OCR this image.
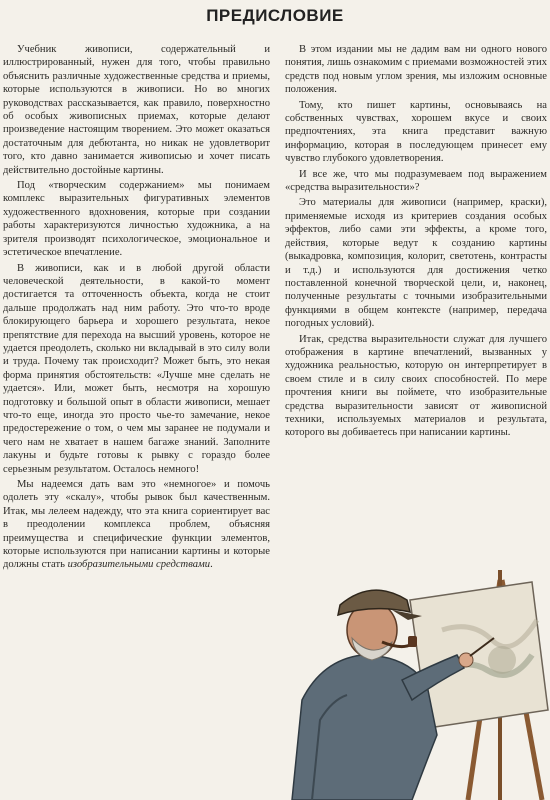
ПРЕДИСЛОВИЕ

Учебник живописи, содержательный и иллюстрированный, нужен для того, чтобы правильно объяснить различные художественные средства и приемы, которые используются в живописи. Но во многих руководствах рассказывается, как правило, поверхностно об особых живописных приемах, которые делают произведение настоящим творением. Это может оказаться достаточным для дебютанта, но никак не удовлетворит того, кто давно занимается живописью и хочет писать действительно достойные картины.

Под «творческим содержанием» мы понимаем комплекс выразительных фигуративных элементов художественного вдохновения, которые при создании работы характеризуются личностью художника, а на зрителя производят психологическое, эмоциональное и эстетическое впечатление.

В живописи, как и в любой другой области человеческой деятельности, в какой-то момент достигается та отточенность объекта, когда не стоит дальше продолжать над ним работу. Это что-то вроде блокирующего барьера и хорошего результата, некое препятствие для перехода на высший уровень, которое не удается преодолеть, сколько ни вкладывай в это силу воли и труда. Почему так происходит? Может быть, это некая форма принятия обстоятельств: «Лучше мне сделать не удается». Или, может быть, несмотря на хорошую подготовку и большой опыт в области живописи, мешает что-то еще, иногда это просто чье-то замечание, некое предостережение о том, о чем мы заранее не подумали и чего нам не хватает в нашем багаже знаний. Заполните лакуны и будьте готовы к рывку с гораздо более серьезным результатом. Осталось немного!

Мы надеемся дать вам это «немногое» и помочь одолеть эту «скалу», чтобы рывок был качественным. Итак, мы лелеем надежду, что эта книга сориентирует вас в преодолении комплекса проблем, объясняя преимущества и специфические функции элементов, которые используются при написании картины и которые должны стать изобразительными средствами.

В этом издании мы не дадим вам ни одного нового понятия, лишь ознакомим с приемами возможностей этих средств под новым углом зрения, мы изложим основные положения.

Тому, кто пишет картины, основываясь на собственных чувствах, хорошем вкусе и своих предпочтениях, эта книга представит важную информацию, которая в последующем принесет ему чувство глубокого удовлетворения.

И все же, что мы подразумеваем под выражением «средства выразительности»?

Это материалы для живописи (например, краски), применяемые исходя из критериев создания особых эффектов, либо сами эти эффекты, а кроме того, действия, которые ведут к созданию картины (выкадровка, композиция, колорит, светотень, контрасты и т.д.) и используются для достижения четко поставленной конечной творческой цели, и, наконец, полученные результаты с точными изобразительными функциями в общем контексте (например, передача погодных условий).

Итак, средства выразительности служат для лучшего отображения в картине впечатлений, вызванных у художника реальностью, которую он интерпретирует в своем стиле и в силу своих способностей. По мере прочтения книги вы поймете, что изобразительные средства выразительности зависят от живописной техники, используемых материалов и результата, которого вы добиваетесь при написании картины.
